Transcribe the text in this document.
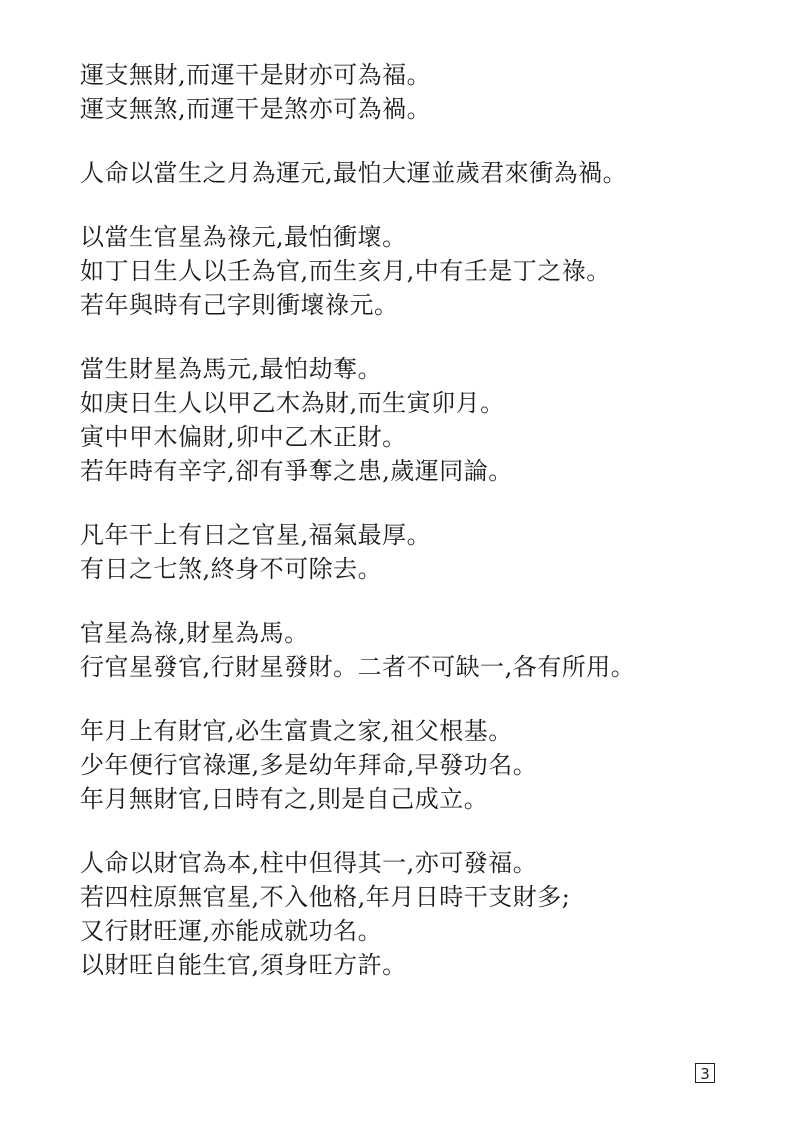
運支無財,而運干是財亦可為福。
運支無煞,而運干是煞亦可為禍。
人命以當生之月為運元,最怕大運並歲君來衝為禍。
以當生官星為祿元,最怕衝壞。
如丁日生人以壬為官,而生亥月,中有壬是丁之祿。
若年與時有己字則衝壞祿元。
當生財星為馬元,最怕劫奪。
如庚日生人以甲乙木為財,而生寅卯月。
寅中甲木偏財,卯中乙木正財。
若年時有辛字,卻有爭奪之患,歲運同論。
凡年干上有日之官星,福氣最厚。
有日之七煞,終身不可除去。
官星為祿,財星為馬。
行官星發官,行財星發財。二者不可缺一,各有所用。
年月上有財官,必生富貴之家,祖父根基。
少年便行官祿運,多是幼年拜命,早發功名。
年月無財官,日時有之,則是自己成立。
人命以財官為本,柱中但得其一,亦可發福。
若四柱原無官星,不入他格,年月日時干支財多;
又行財旺運,亦能成就功名。
以財旺自能生官,須身旺方許。
3
